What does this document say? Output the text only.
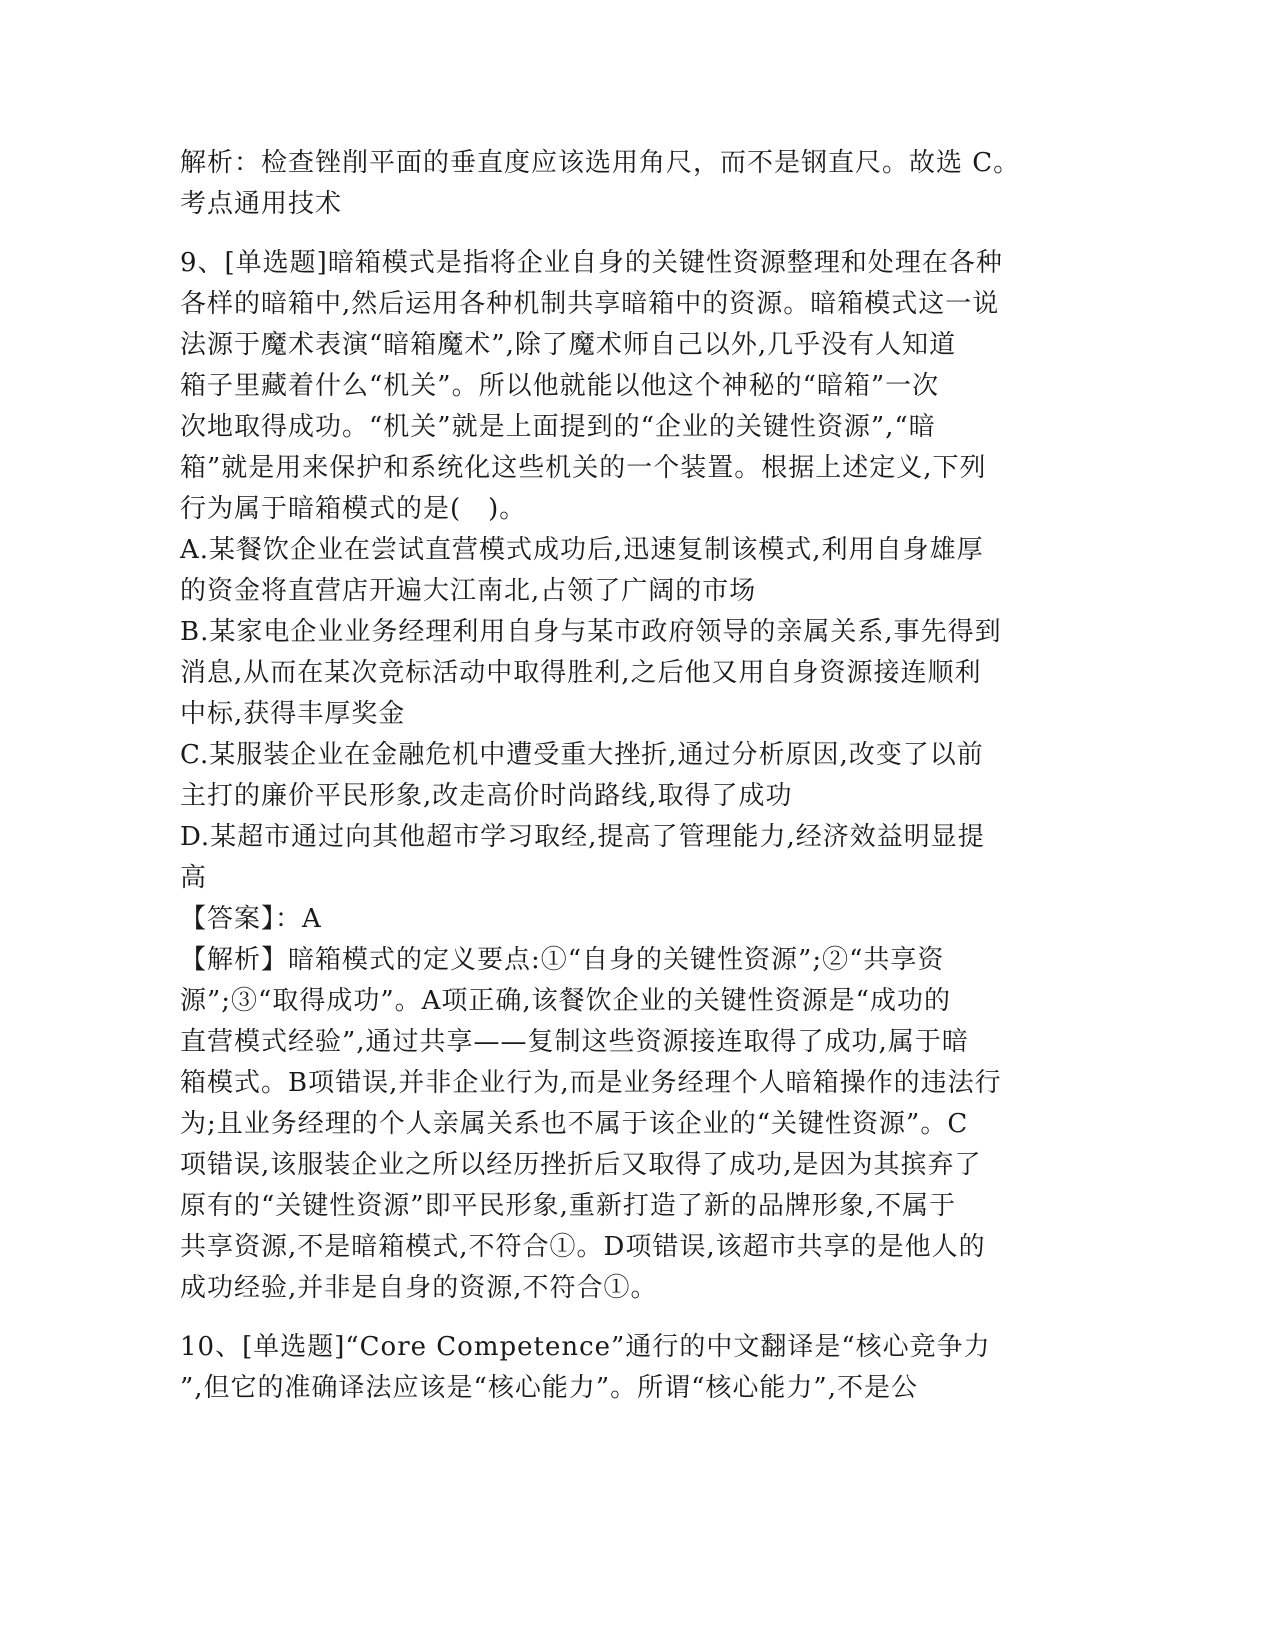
解析：检查锉削平面的垂直度应该选用角尺，而不是钢直尺。故选 C。
考点通用技术
9、[单选题]暗箱模式是指将企业自身的关键性资源整理和处理在各种
各样的暗箱中,然后运用各种机制共享暗箱中的资源。暗箱模式这一说
法源于魔术表演“暗箱魔术”,除了魔术师自己以外,几乎没有人知道
箱子里藏着什么“机关”。所以他就能以他这个神秘的“暗箱”一次
次地取得成功。“机关”就是上面提到的“企业的关键性资源”,“暗
箱”就是用来保护和系统化这些机关的一个装置。根据上述定义,下列
行为属于暗箱模式的是(　)。
A.某餐饮企业在尝试直营模式成功后,迅速复制该模式,利用自身雄厚
的资金将直营店开遍大江南北,占领了广阔的市场
B.某家电企业业务经理利用自身与某市政府领导的亲属关系,事先得到
消息,从而在某次竞标活动中取得胜利,之后他又用自身资源接连顺利
中标,获得丰厚奖金
C.某服装企业在金融危机中遭受重大挫折,通过分析原因,改变了以前
主打的廉价平民形象,改走高价时尚路线,取得了成功
D.某超市通过向其他超市学习取经,提高了管理能力,经济效益明显提
高
【答案】：A
【解析】暗箱模式的定义要点:①“自身的关键性资源”;②“共享资
源”;③“取得成功”。A项正确,该餐饮企业的关键性资源是“成功的
直营模式经验”,通过共享——复制这些资源接连取得了成功,属于暗
箱模式。B项错误,并非企业行为,而是业务经理个人暗箱操作的违法行
为;且业务经理的个人亲属关系也不属于该企业的“关键性资源”。C
项错误,该服装企业之所以经历挫折后又取得了成功,是因为其摈弃了
原有的“关键性资源”即平民形象,重新打造了新的品牌形象,不属于
共享资源,不是暗箱模式,不符合①。D项错误,该超市共享的是他人的
成功经验,并非是自身的资源,不符合①。
10、[单选题]“Core Competence”通行的中文翻译是“核心竞争力
”,但它的准确译法应该是“核心能力”。所谓“核心能力”,不是公
